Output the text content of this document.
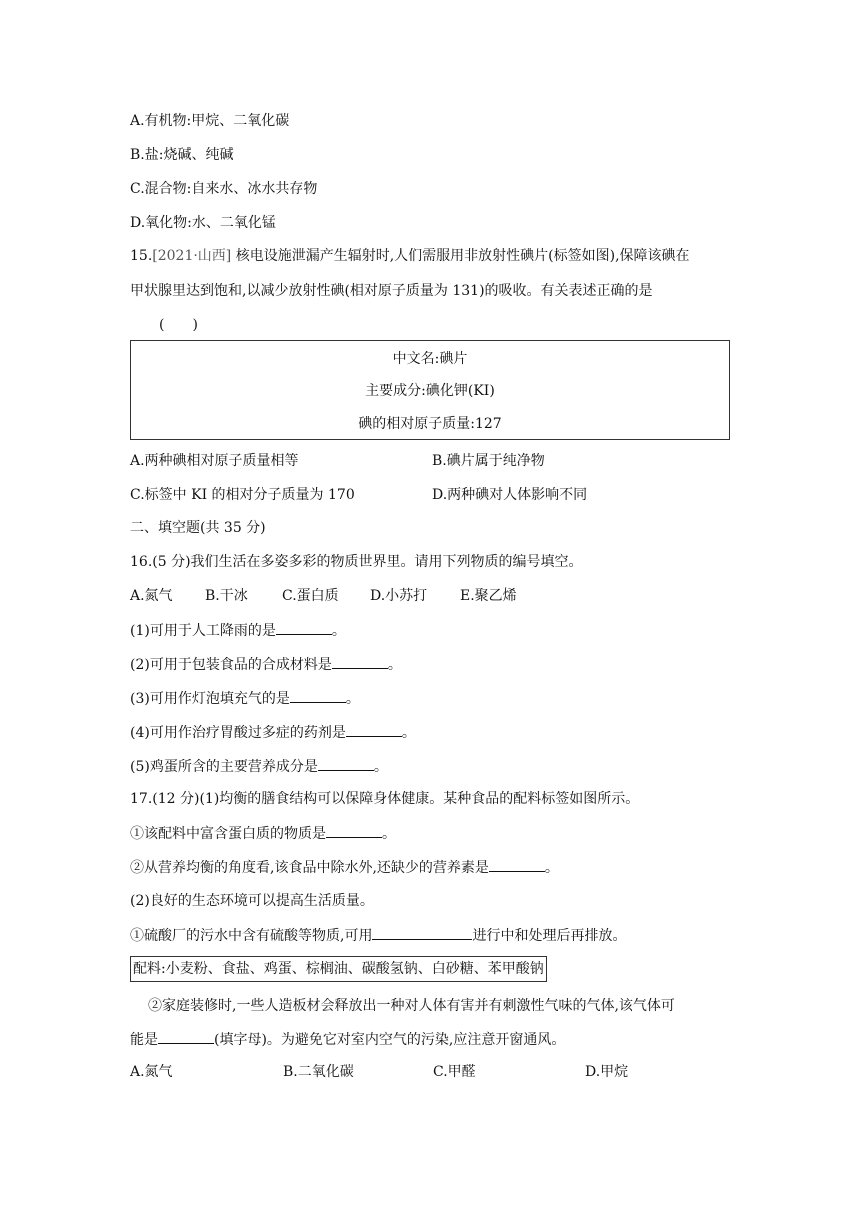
A.有机物:甲烷、二氧化碳
B.盐:烧碱、纯碱
C.混合物:自来水、冰水共存物
D.氧化物:水、二氧化锰
15.[2021·山西] 核电设施泄漏产生辐射时,人们需服用非放射性碘片(标签如图),保障该碘在
甲状腺里达到饱和,以减少放射性碘(相对原子质量为 131)的吸收。有关表述正确的是
(　　)
中文名:碘片
主要成分:碘化钾(KI)
碘的相对原子质量:127
A.两种碘相对原子质量相等	B.碘片属于纯净物
C.标签中 KI 的相对分子质量为 170	D.两种碘对人体影响不同
二、填空题(共 35 分)
16.(5 分)我们生活在多姿多彩的物质世界里。请用下列物质的编号填空。
A.氮气 B.干冰 C.蛋白质 D.小苏打 E.聚乙烯
(1)可用于人工降雨的是	。
(2)可用于包装食品的合成材料是	。
(3)可用作灯泡填充气的是	。
(4)可用作治疗胃酸过多症的药剂是	。
(5)鸡蛋所含的主要营养成分是	。
17.(12 分)(1)均衡的膳食结构可以保障身体健康。某种食品的配料标签如图所示。
①该配料中富含蛋白质的物质是	。
②从营养均衡的角度看,该食品中除水外,还缺少的营养素是	。
(2)良好的生态环境可以提高生活质量。
①硫酸厂的污水中含有硫酸等物质,可用	进行中和处理后再排放。
配料:小麦粉、食盐、鸡蛋、棕榈油、碳酸氢钠、白砂糖、苯甲酸钠
②家庭装修时,一些人造板材会释放出一种对人体有害并有刺激性气味的气体,该气体可
能是	(填字母)。为避免它对室内空气的污染,应注意开窗通风。
A.氮气	B.二氧化碳	C.甲醛	D.甲烷
